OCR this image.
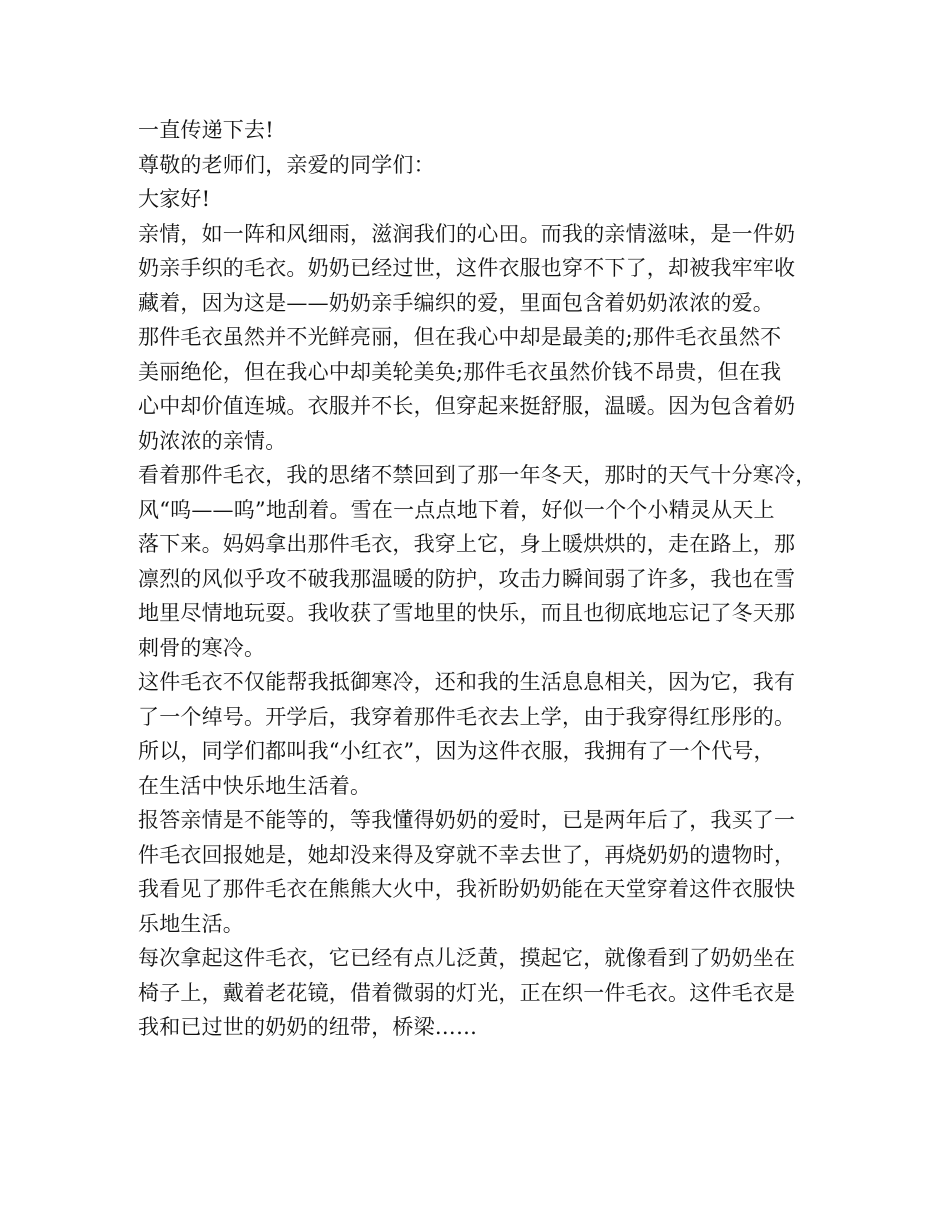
一直传递下去!
尊敬的老师们，亲爱的同学们：
大家好!
亲情，如一阵和风细雨，滋润我们的心田。而我的亲情滋味，是一件奶
奶亲手织的毛衣。奶奶已经过世，这件衣服也穿不下了，却被我牢牢收
藏着，因为这是——奶奶亲手编织的爱，里面包含着奶奶浓浓的爱。
那件毛衣虽然并不光鲜亮丽，但在我心中却是最美的;那件毛衣虽然不
美丽绝伦，但在我心中却美轮美奂;那件毛衣虽然价钱不昂贵，但在我
心中却价值连城。衣服并不长，但穿起来挺舒服，温暖。因为包含着奶
奶浓浓的亲情。
看着那件毛衣，我的思绪不禁回到了那一年冬天，那时的天气十分寒冷，
风“呜——呜”地刮着。雪在一点点地下着，好似一个个小精灵从天上
落下来。妈妈拿出那件毛衣，我穿上它，身上暖烘烘的，走在路上，那
凛烈的风似乎攻不破我那温暖的防护，攻击力瞬间弱了许多，我也在雪
地里尽情地玩耍。我收获了雪地里的快乐，而且也彻底地忘记了冬天那
刺骨的寒冷。
这件毛衣不仅能帮我抵御寒冷，还和我的生活息息相关，因为它，我有
了一个绰号。开学后，我穿着那件毛衣去上学，由于我穿得红彤彤的。
所以，同学们都叫我“小红衣”，因为这件衣服，我拥有了一个代号，
在生活中快乐地生活着。
报答亲情是不能等的，等我懂得奶奶的爱时，已是两年后了，我买了一
件毛衣回报她是，她却没来得及穿就不幸去世了，再烧奶奶的遗物时，
我看见了那件毛衣在熊熊大火中，我祈盼奶奶能在天堂穿着这件衣服快
乐地生活。
每次拿起这件毛衣，它已经有点儿泛黄，摸起它，就像看到了奶奶坐在
椅子上，戴着老花镜，借着微弱的灯光，正在织一件毛衣。这件毛衣是
我和已过世的奶奶的纽带，桥梁……
